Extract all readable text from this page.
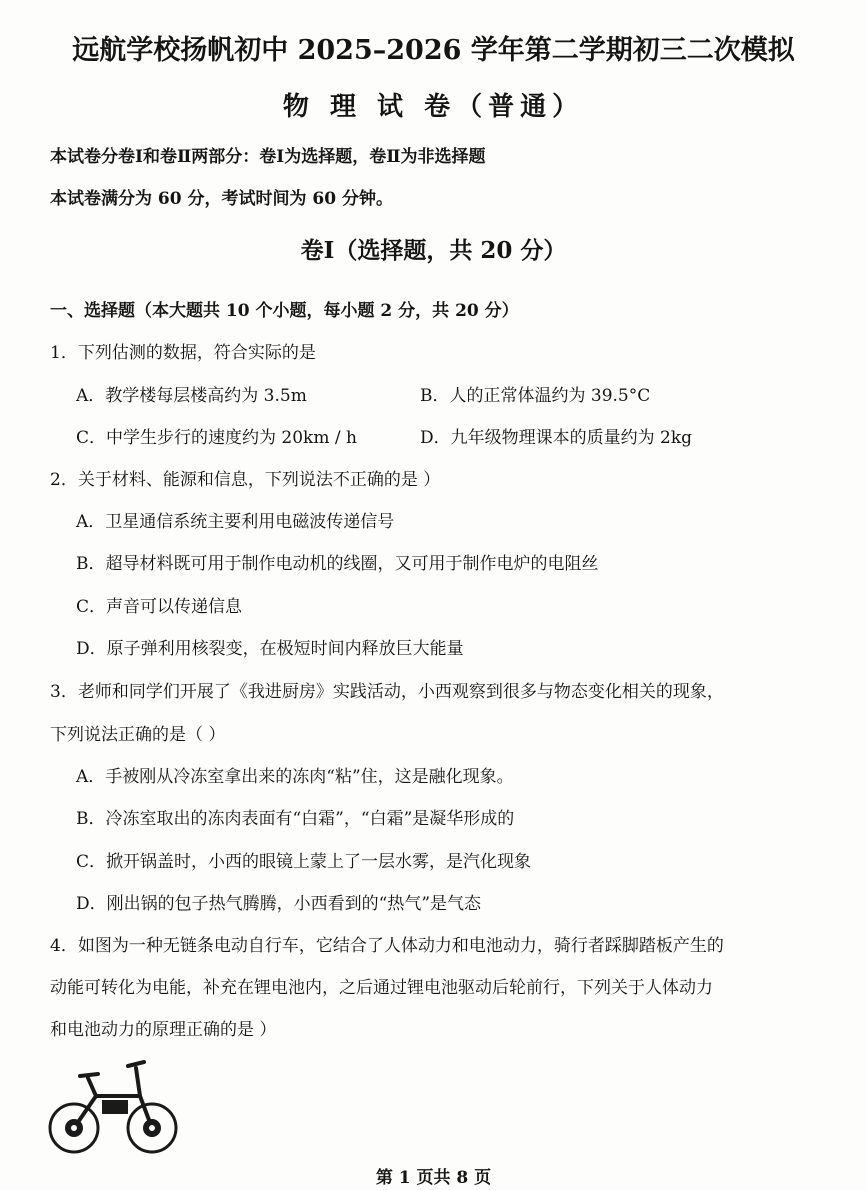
远航学校扬帆初中 2025–2026 学年第二学期初三二次模拟
物 理 试 卷（普通）
本试卷分卷Ⅰ和卷Ⅱ两部分：卷Ⅰ为选择题，卷Ⅱ为非选择题
本试卷满分为 60 分，考试时间为 60 分钟。
卷Ⅰ（选择题，共 20 分）
一、选择题（本大题共 10 个小题，每小题 2 分，共 20 分）
1．下列估测的数据，符合实际的是
A．教学楼每层楼高约为 3.5m	B．人的正常体温约为 39.5°C
C．中学生步行的速度约为 20km / h	D．九年级物理课本的质量约为 2kg
2．关于材料、能源和信息，下列说法不正确的是 ）
A．卫星通信系统主要利用电磁波传递信号
B．超导材料既可用于制作电动机的线圈，又可用于制作电炉的电阻丝
C．声音可以传递信息
D．原子弹利用核裂变，在极短时间内释放巨大能量
3．老师和同学们开展了《我进厨房》实践活动，小西观察到很多与物态变化相关的现象，
下列说法正确的是（ ）
A．手被刚从冷冻室拿出来的冻肉“粘”住，这是融化现象。
B．冷冻室取出的冻肉表面有“白霜”，“白霜”是凝华形成的
C．掀开锅盖时，小西的眼镜上蒙上了一层水雾，是汽化现象
D．刚出锅的包子热气腾腾，小西看到的“热气”是气态
4．如图为一种无链条电动自行车，它结合了人体动力和电池动力，骑行者踩脚踏板产生的
动能可转化为电能，补充在锂电池内，之后通过锂电池驱动后轮前行，下列关于人体动力
和电池动力的原理正确的是 ）
第 1 页共 8 页
